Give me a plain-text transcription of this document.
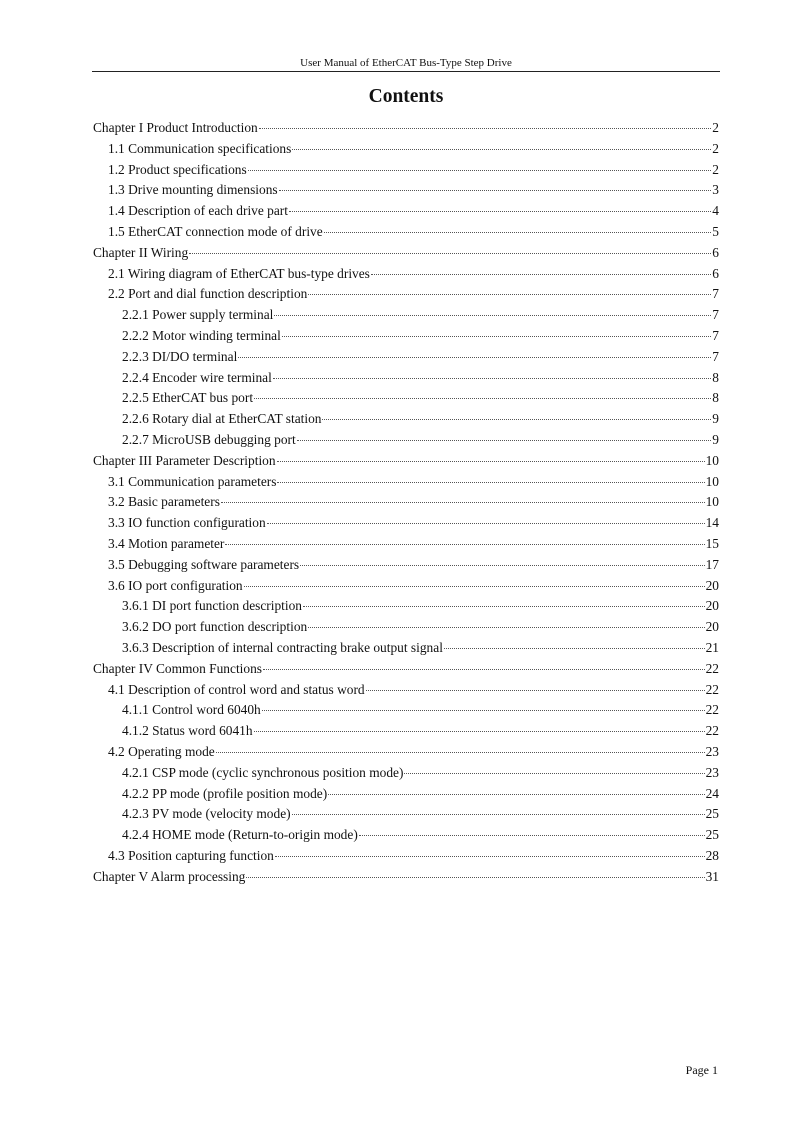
User Manual of EtherCAT Bus-Type Step Drive
Contents
Chapter I Product Introduction	2
1.1 Communication specifications	2
1.2 Product specifications	2
1.3 Drive mounting dimensions	3
1.4 Description of each drive part	4
1.5 EtherCAT connection mode of drive	5
Chapter II Wiring	6
2.1 Wiring diagram of EtherCAT bus-type drives	6
2.2 Port and dial function description	7
2.2.1 Power supply terminal	7
2.2.2 Motor winding terminal	7
2.2.3 DI/DO terminal	7
2.2.4 Encoder wire terminal	8
2.2.5 EtherCAT bus port	8
2.2.6 Rotary dial at EtherCAT station	9
2.2.7 MicroUSB debugging port	9
Chapter III Parameter Description	10
3.1 Communication parameters	10
3.2 Basic parameters	10
3.3 IO function configuration	14
3.4 Motion parameter	15
3.5 Debugging software parameters	17
3.6 IO port configuration	20
3.6.1 DI port function description	20
3.6.2 DO port function description	20
3.6.3 Description of internal contracting brake output signal	21
Chapter IV Common Functions	22
4.1 Description of control word and status word	22
4.1.1 Control word 6040h	22
4.1.2 Status word 6041h	22
4.2 Operating mode	23
4.2.1 CSP mode (cyclic synchronous position mode)	23
4.2.2 PP mode (profile position mode)	24
4.2.3 PV mode (velocity mode)	25
4.2.4 HOME mode (Return-to-origin mode)	25
4.3 Position capturing function	28
Chapter V Alarm processing	31
Page 1
